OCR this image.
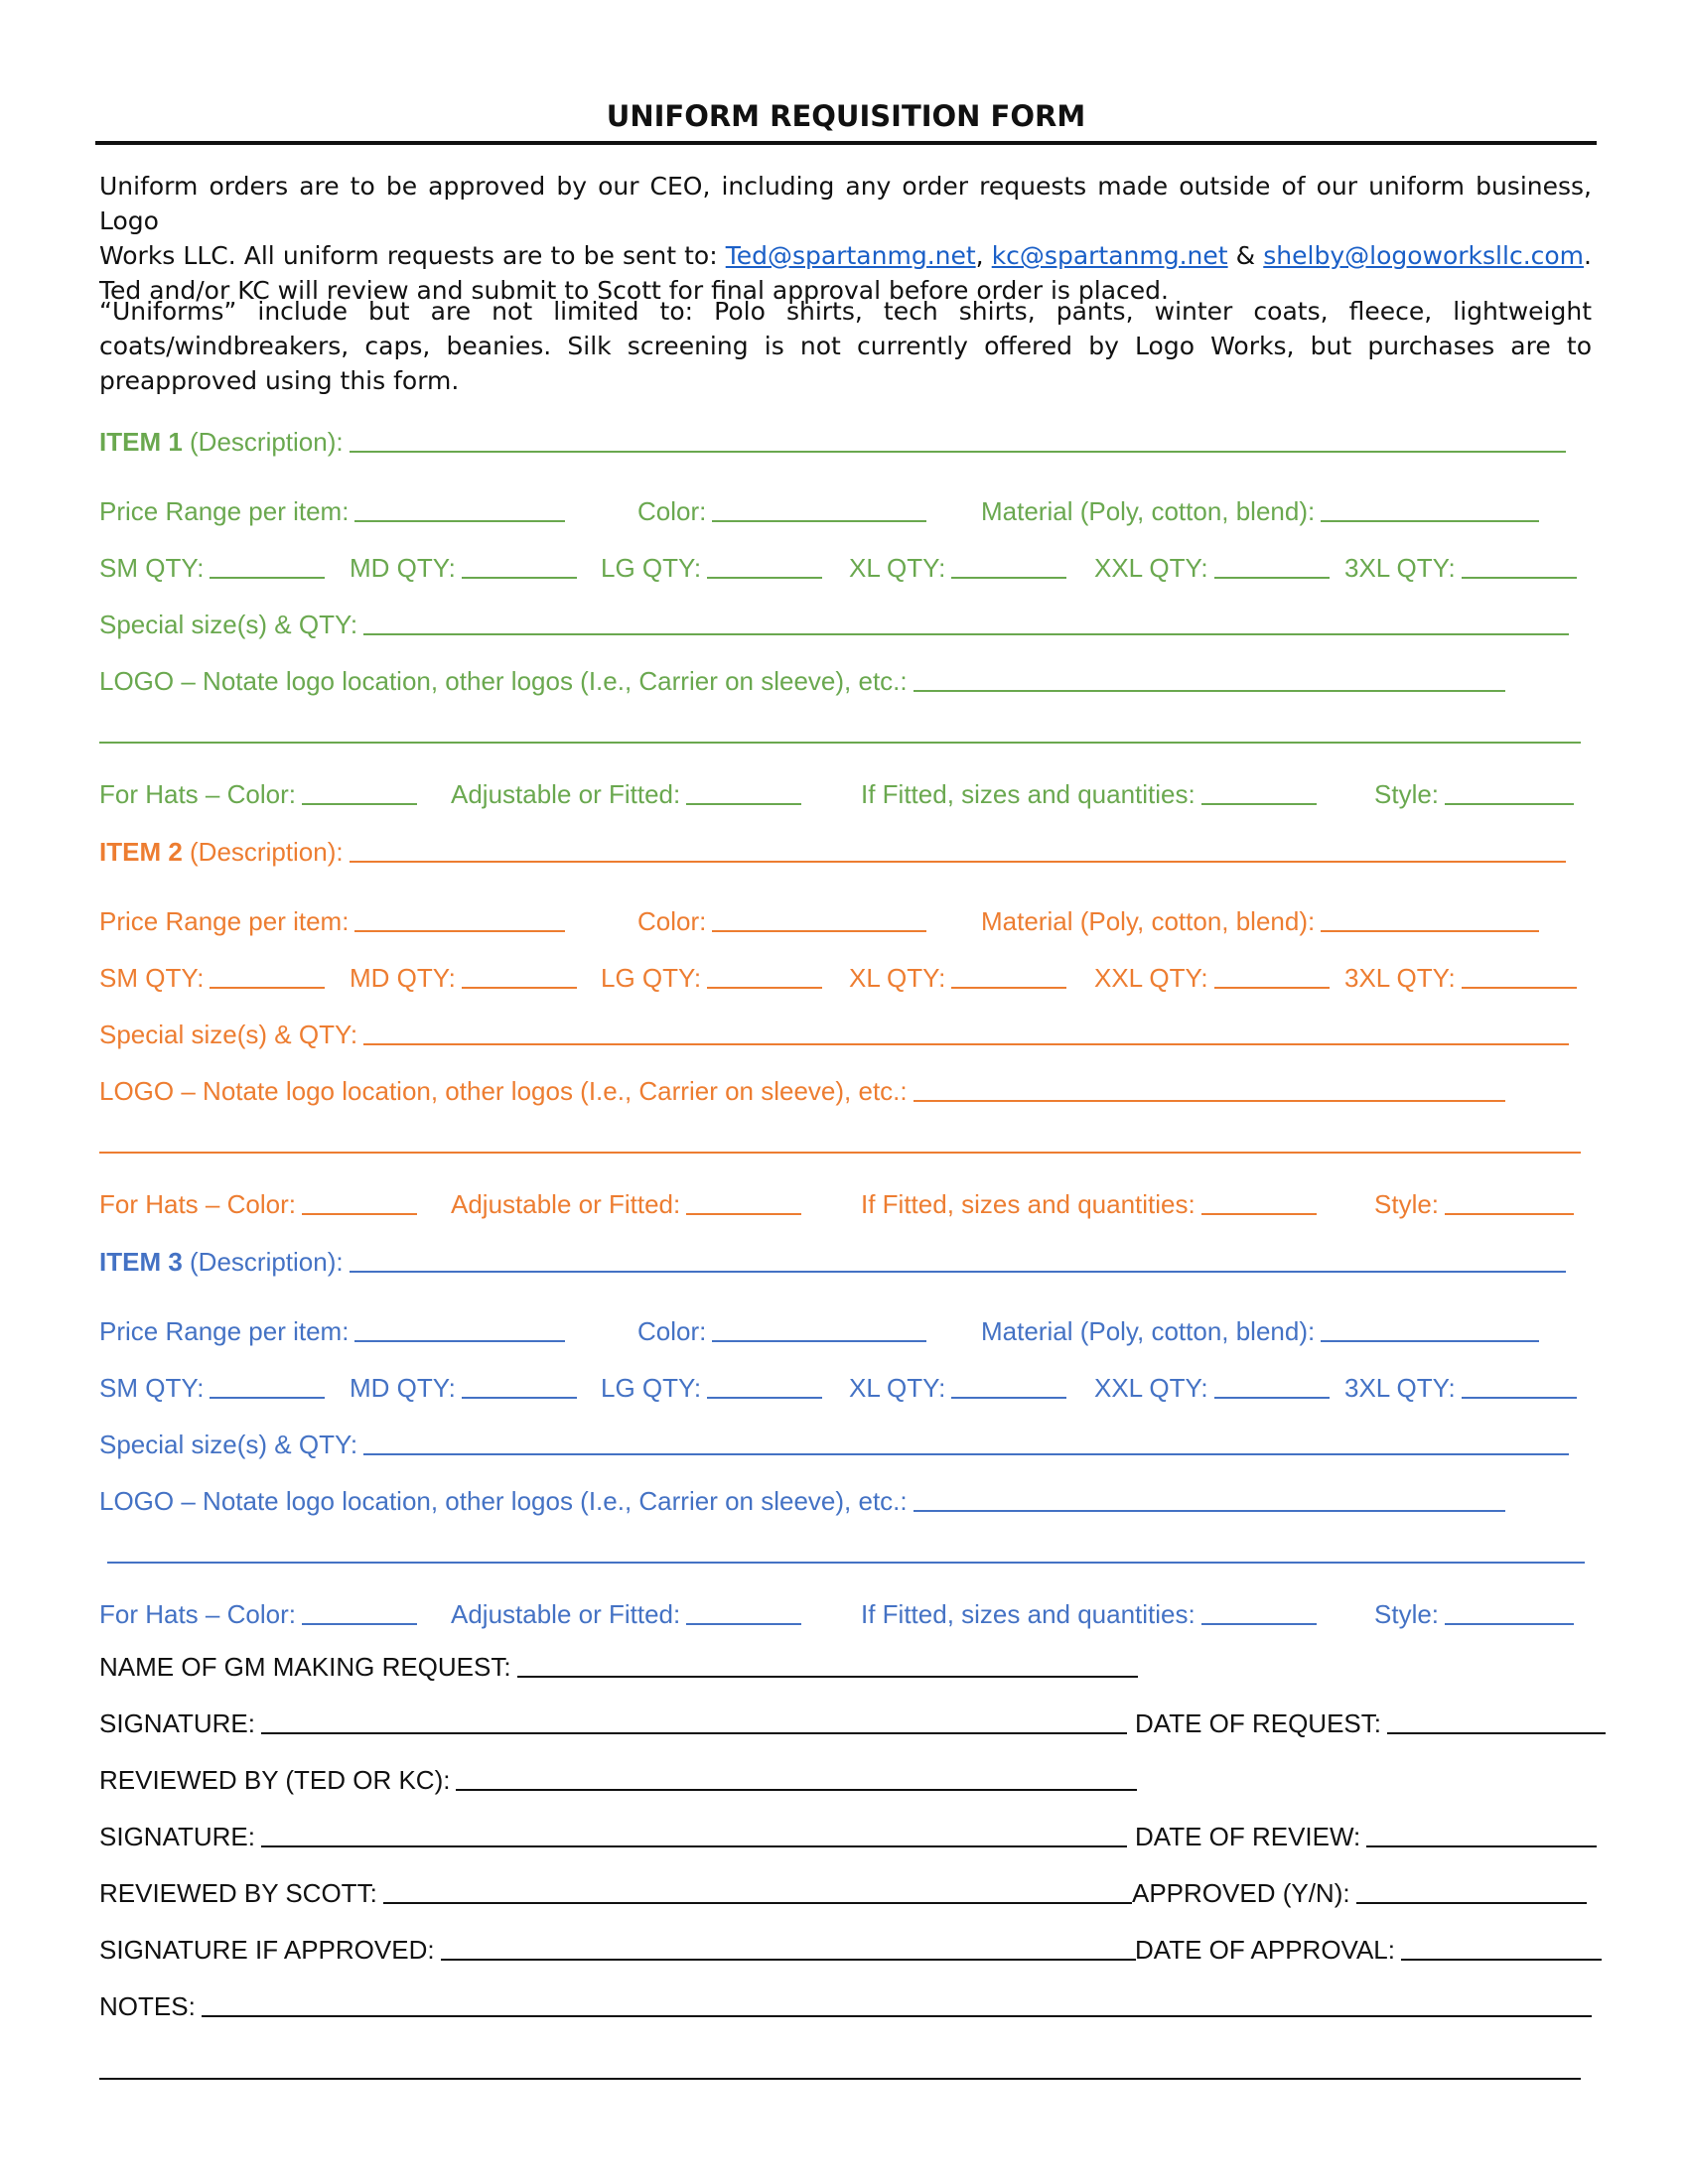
UNIFORM REQUISITION FORM
Uniform orders are to be approved by our CEO, including any order requests made outside of our uniform business, Logo
Works LLC. All uniform requests are to be sent to: Ted@spartanmg.net, kc@spartanmg.net & shelby@logoworksllc.com.
Ted and/or KC will review and submit to Scott for final approval before order is placed.
“Uniforms” include but are not limited to: Polo shirts, tech shirts, pants, winter coats, fleece, lightweight
coats/windbreakers, caps, beanies. Silk screening is not currently offered by Logo Works, but purchases are to
preapproved using this form.
ITEM 1 (Description):
Price Range per item:	Color:	Material (Poly, cotton, blend):
SM QTY:	MD QTY:	LG QTY:	XL QTY:	XXL QTY:	3XL QTY:
Special size(s) & QTY:
LOGO – Notate logo location, other logos (I.e., Carrier on sleeve), etc.:
For Hats – Color:	Adjustable or Fitted:	If Fitted, sizes and quantities:	Style:
ITEM 2 (Description):
Price Range per item:	Color:	Material (Poly, cotton, blend):
SM QTY:	MD QTY:	LG QTY:	XL QTY:	XXL QTY:	3XL QTY:
Special size(s) & QTY:
LOGO – Notate logo location, other logos (I.e., Carrier on sleeve), etc.:
For Hats – Color:	Adjustable or Fitted:	If Fitted, sizes and quantities:	Style:
ITEM 3 (Description):
Price Range per item:	Color:	Material (Poly, cotton, blend):
SM QTY:	MD QTY:	LG QTY:	XL QTY:	XXL QTY:	3XL QTY:
Special size(s) & QTY:
LOGO – Notate logo location, other logos (I.e., Carrier on sleeve), etc.:
For Hats – Color:	Adjustable or Fitted:	If Fitted, sizes and quantities:	Style:
NAME OF GM MAKING REQUEST:
SIGNATURE:	DATE OF REQUEST:
REVIEWED BY (TED OR KC):
SIGNATURE:	DATE OF REVIEW:
REVIEWED BY SCOTT:	APPROVED (Y/N):
SIGNATURE IF APPROVED:	DATE OF APPROVAL:
NOTES:
